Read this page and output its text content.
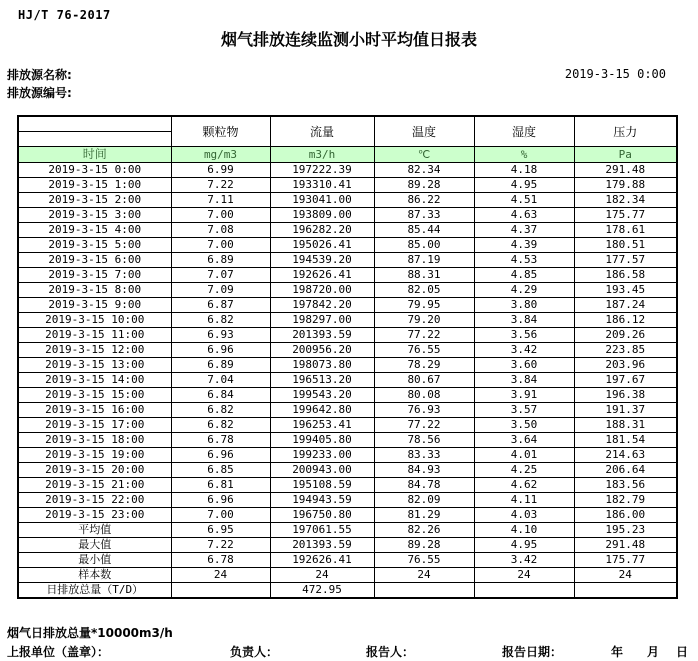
HJ/T 76-2017
烟气排放连续监测小时平均值日报表
排放源名称:
排放源编号:
2019-3-15 0:00
	颗粒物	流量	温度	湿度	压力
时间	mg/m3	m3/h	℃	%	Pa
2019-3-15 0:00	6.99	197222.39	82.34	4.18	291.48
2019-3-15 1:00	7.22	193310.41	89.28	4.95	179.88
2019-3-15 2:00	7.11	193041.00	86.22	4.51	182.34
2019-3-15 3:00	7.00	193809.00	87.33	4.63	175.77
2019-3-15 4:00	7.08	196282.20	85.44	4.37	178.61
2019-3-15 5:00	7.00	195026.41	85.00	4.39	180.51
2019-3-15 6:00	6.89	194539.20	87.19	4.53	177.57
2019-3-15 7:00	7.07	192626.41	88.31	4.85	186.58
2019-3-15 8:00	7.09	198720.00	82.05	4.29	193.45
2019-3-15 9:00	6.87	197842.20	79.95	3.80	187.24
2019-3-15 10:00	6.82	198297.00	79.20	3.84	186.12
2019-3-15 11:00	6.93	201393.59	77.22	3.56	209.26
2019-3-15 12:00	6.96	200956.20	76.55	3.42	223.85
2019-3-15 13:00	6.89	198073.80	78.29	3.60	203.96
2019-3-15 14:00	7.04	196513.20	80.67	3.84	197.67
2019-3-15 15:00	6.84	199543.20	80.08	3.91	196.38
2019-3-15 16:00	6.82	199642.80	76.93	3.57	191.37
2019-3-15 17:00	6.82	196253.41	77.22	3.50	188.31
2019-3-15 18:00	6.78	199405.80	78.56	3.64	181.54
2019-3-15 19:00	6.96	199233.00	83.33	4.01	214.63
2019-3-15 20:00	6.85	200943.00	84.93	4.25	206.64
2019-3-15 21:00	6.81	195108.59	84.78	4.62	183.56
2019-3-15 22:00	6.96	194943.59	82.09	4.11	182.79
2019-3-15 23:00	7.00	196750.80	81.29	4.03	186.00
平均值	6.95	197061.55	82.26	4.10	195.23
最大值	7.22	201393.59	89.28	4.95	291.48
最小值	6.78	192626.41	76.55	3.42	175.77
样本数	24	24	24	24	24
日排放总量（T/D）		472.95			
烟气日排放总量*10000m3/h
上报单位（盖章）：	负责人：	报告人：	报告日期：	年 月 日
